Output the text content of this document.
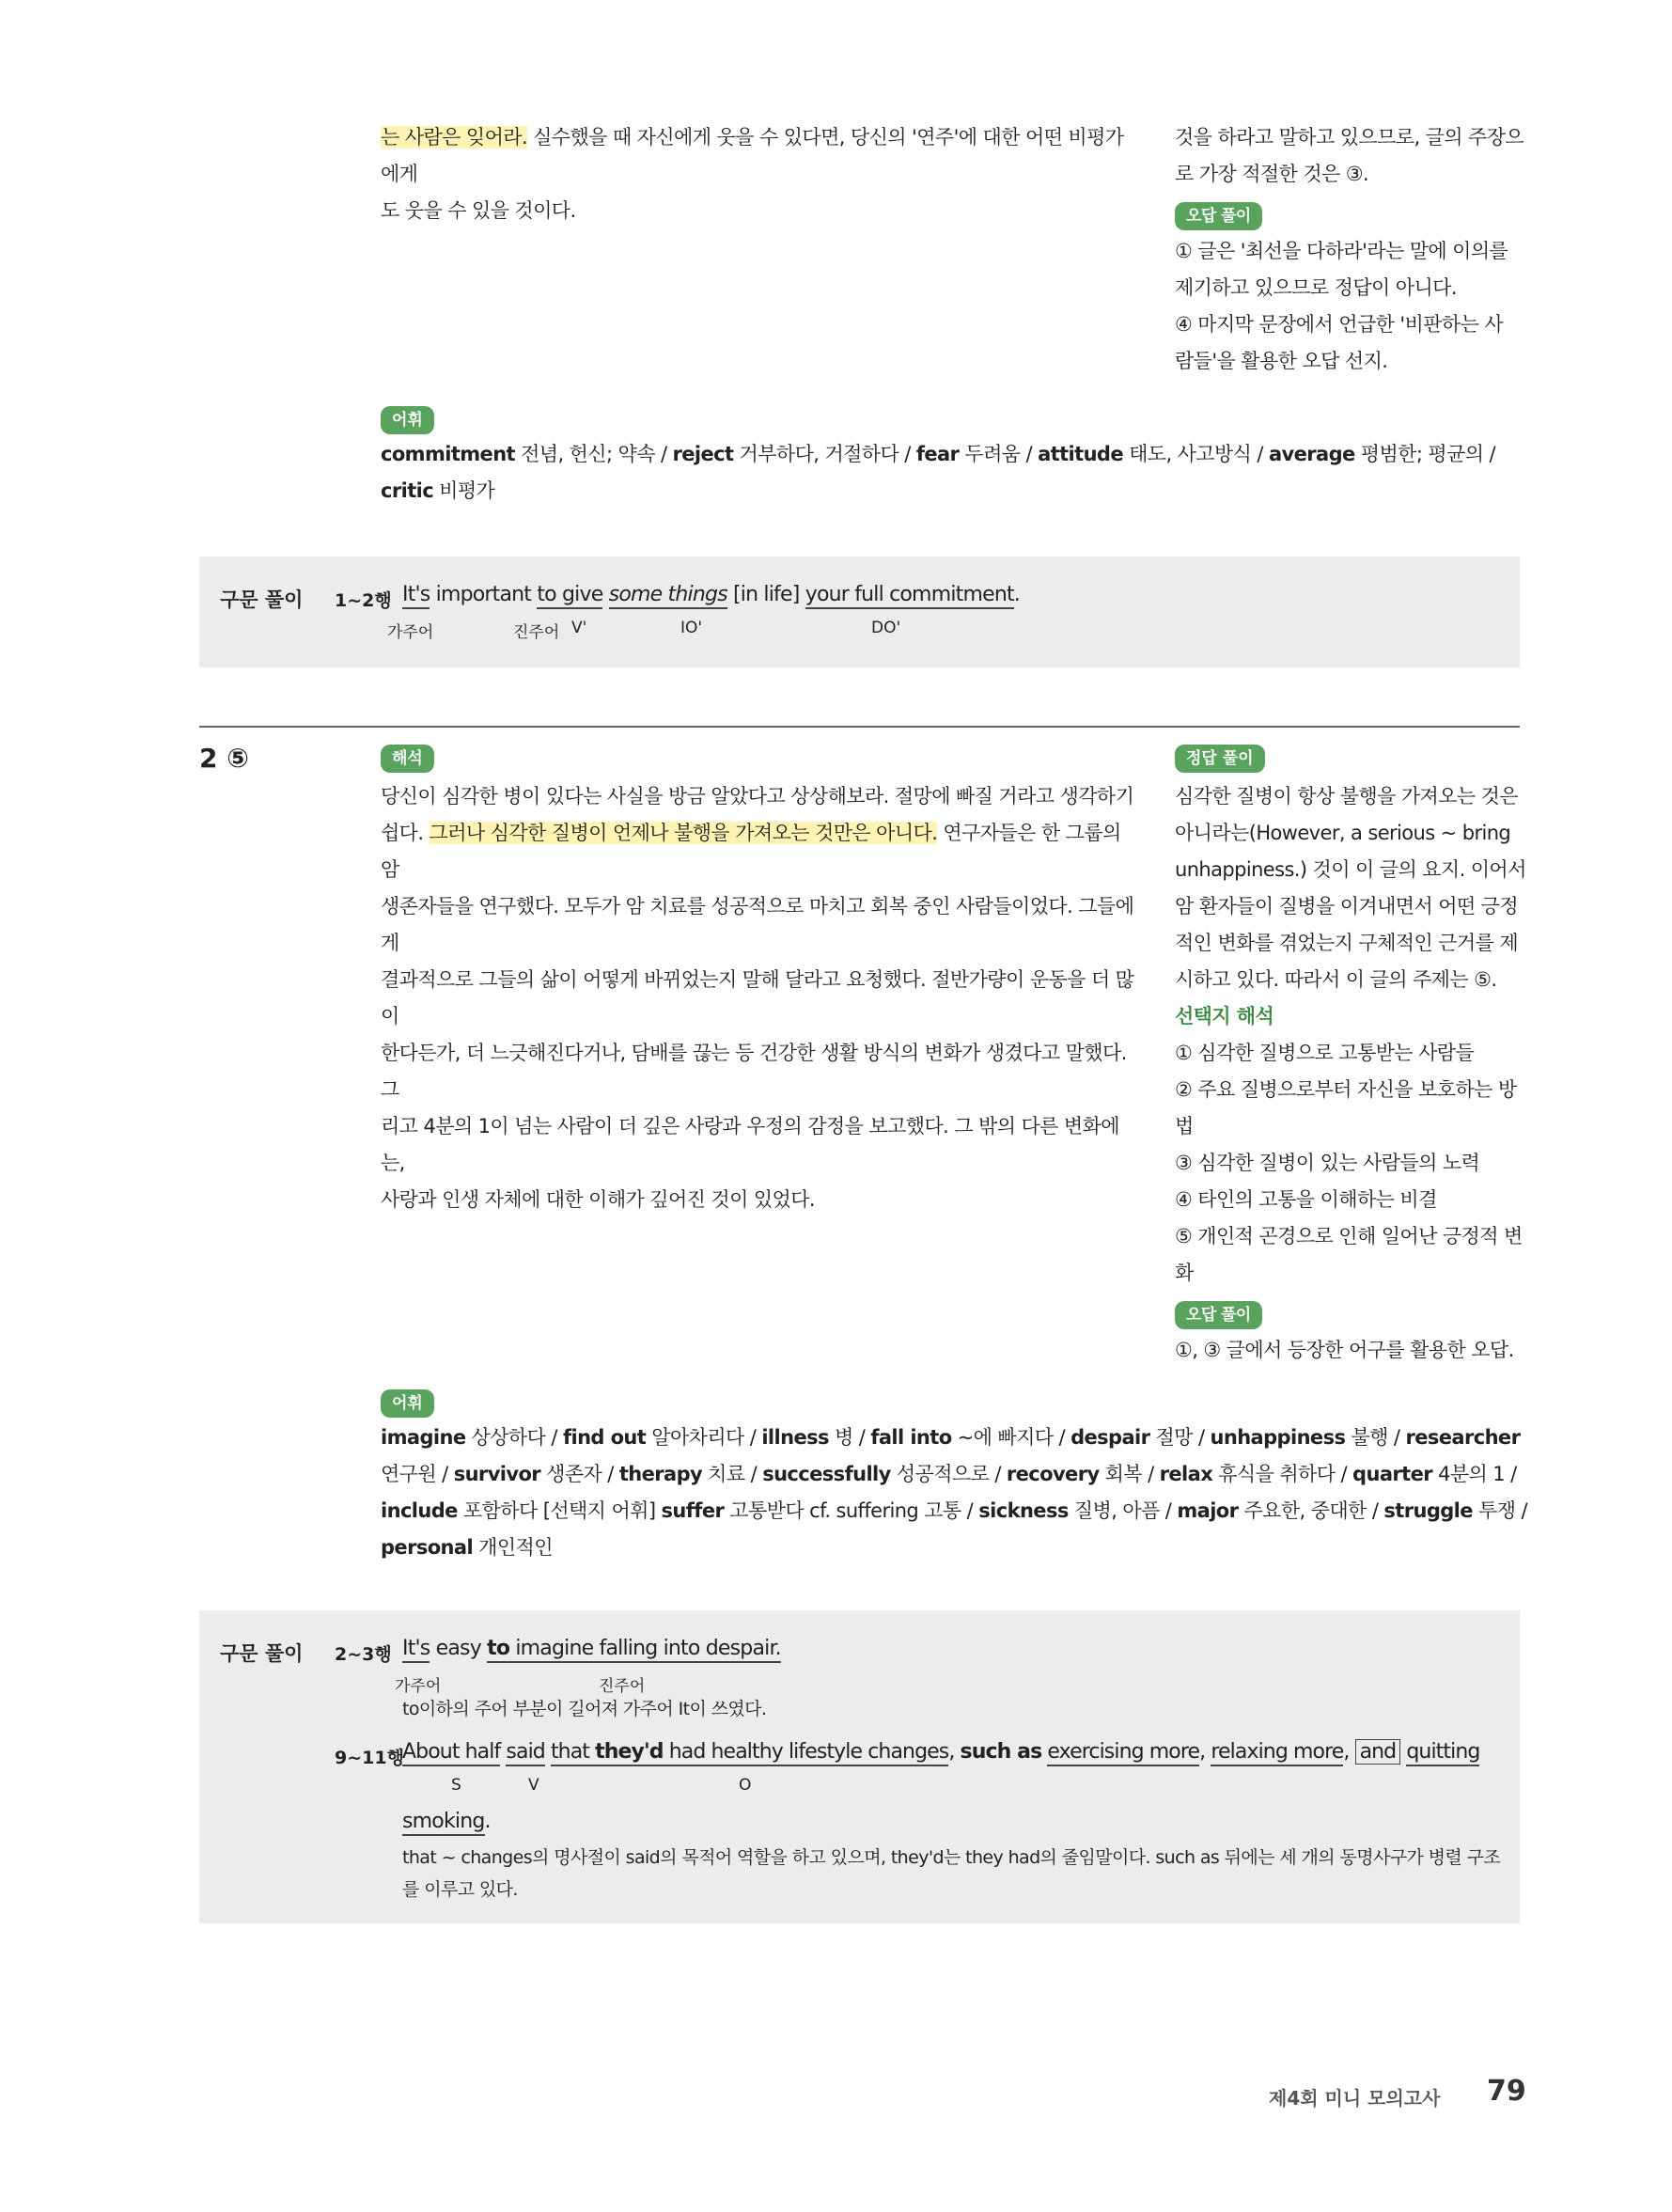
는 사람은 잊어라. 실수했을 때 자신에게 웃을 수 있다면, 당신의 '연주'에 대한 어떤 비평가에게
도 웃을 수 있을 것이다.
것을 하라고 말하고 있으므로, 글의 주장으
로 가장 적절한 것은 ③.
오답 풀이
① 글은 '최선을 다하라'라는 말에 이의를
제기하고 있으므로 정답이 아니다.
④ 마지막 문장에서 언급한 '비판하는 사
람들'을 활용한 오답 선지.
어휘
commitment 전념, 헌신; 약속 / reject 거부하다, 거절하다 / fear 두려움 / attitude 태도, 사고방식 / average 평범한; 평균의 /
critic 비평가
구문 풀이 1~2행 It's important to give some things [in life] your full commitment.
가주어	진주어 V'	IO'	DO'
2 ⑤	해석
당신이 심각한 병이 있다는 사실을 방금 알았다고 상상해보라. 절망에 빠질 거라고 생각하기
쉽다. 그러나 심각한 질병이 언제나 불행을 가져오는 것만은 아니다. 연구자들은 한 그룹의 암
생존자들을 연구했다. 모두가 암 치료를 성공적으로 마치고 회복 중인 사람들이었다. 그들에게
결과적으로 그들의 삶이 어떻게 바뀌었는지 말해 달라고 요청했다. 절반가량이 운동을 더 많이
한다든가, 더 느긋해진다거나, 담배를 끊는 등 건강한 생활 방식의 변화가 생겼다고 말했다. 그
리고 4분의 1이 넘는 사람이 더 깊은 사랑과 우정의 감정을 보고했다. 그 밖의 다른 변화에는,
사랑과 인생 자체에 대한 이해가 깊어진 것이 있었다.
정답 풀이
심각한 질병이 항상 불행을 가져오는 것은
아니라는(However, a serious ~ bring
unhappiness.) 것이 이 글의 요지. 이어서
암 환자들이 질병을 이겨내면서 어떤 긍정
적인 변화를 겪었는지 구체적인 근거를 제
시하고 있다. 따라서 이 글의 주제는 ⑤.
선택지 해석
① 심각한 질병으로 고통받는 사람들
② 주요 질병으로부터 자신을 보호하는 방
법
③ 심각한 질병이 있는 사람들의 노력
④ 타인의 고통을 이해하는 비결
⑤ 개인적 곤경으로 인해 일어난 긍정적 변
화
오답 풀이
①, ③ 글에서 등장한 어구를 활용한 오답.
어휘
imagine 상상하다 / find out 알아차리다 / illness 병 / fall into ~에 빠지다 / despair 절망 / unhappiness 불행 / researcher
연구원 / survivor 생존자 / therapy 치료 / successfully 성공적으로 / recovery 회복 / relax 휴식을 취하다 / quarter 4분의 1 /
include 포함하다 [선택지 어휘] suffer 고통받다 cf. suffering 고통 / sickness 질병, 아픔 / major 주요한, 중대한 / struggle 투쟁 /
personal 개인적인
구문 풀이 2~3행 It's easy to imagine falling into despair.
가주어	진주어
to이하의 주어 부분이 길어져 가주어 It이 쓰였다.
9~11행
About half said that they'd had healthy lifestyle changes, such as exercising more, relaxing more, and quitting
S	V	O
smoking.
that ~ changes의 명사절이 said의 목적어 역할을 하고 있으며, they'd는 they had의 줄임말이다. such as 뒤에는 세 개의 동명사구가 병렬 구조
를 이루고 있다.
제4회 미니 모의고사 79
